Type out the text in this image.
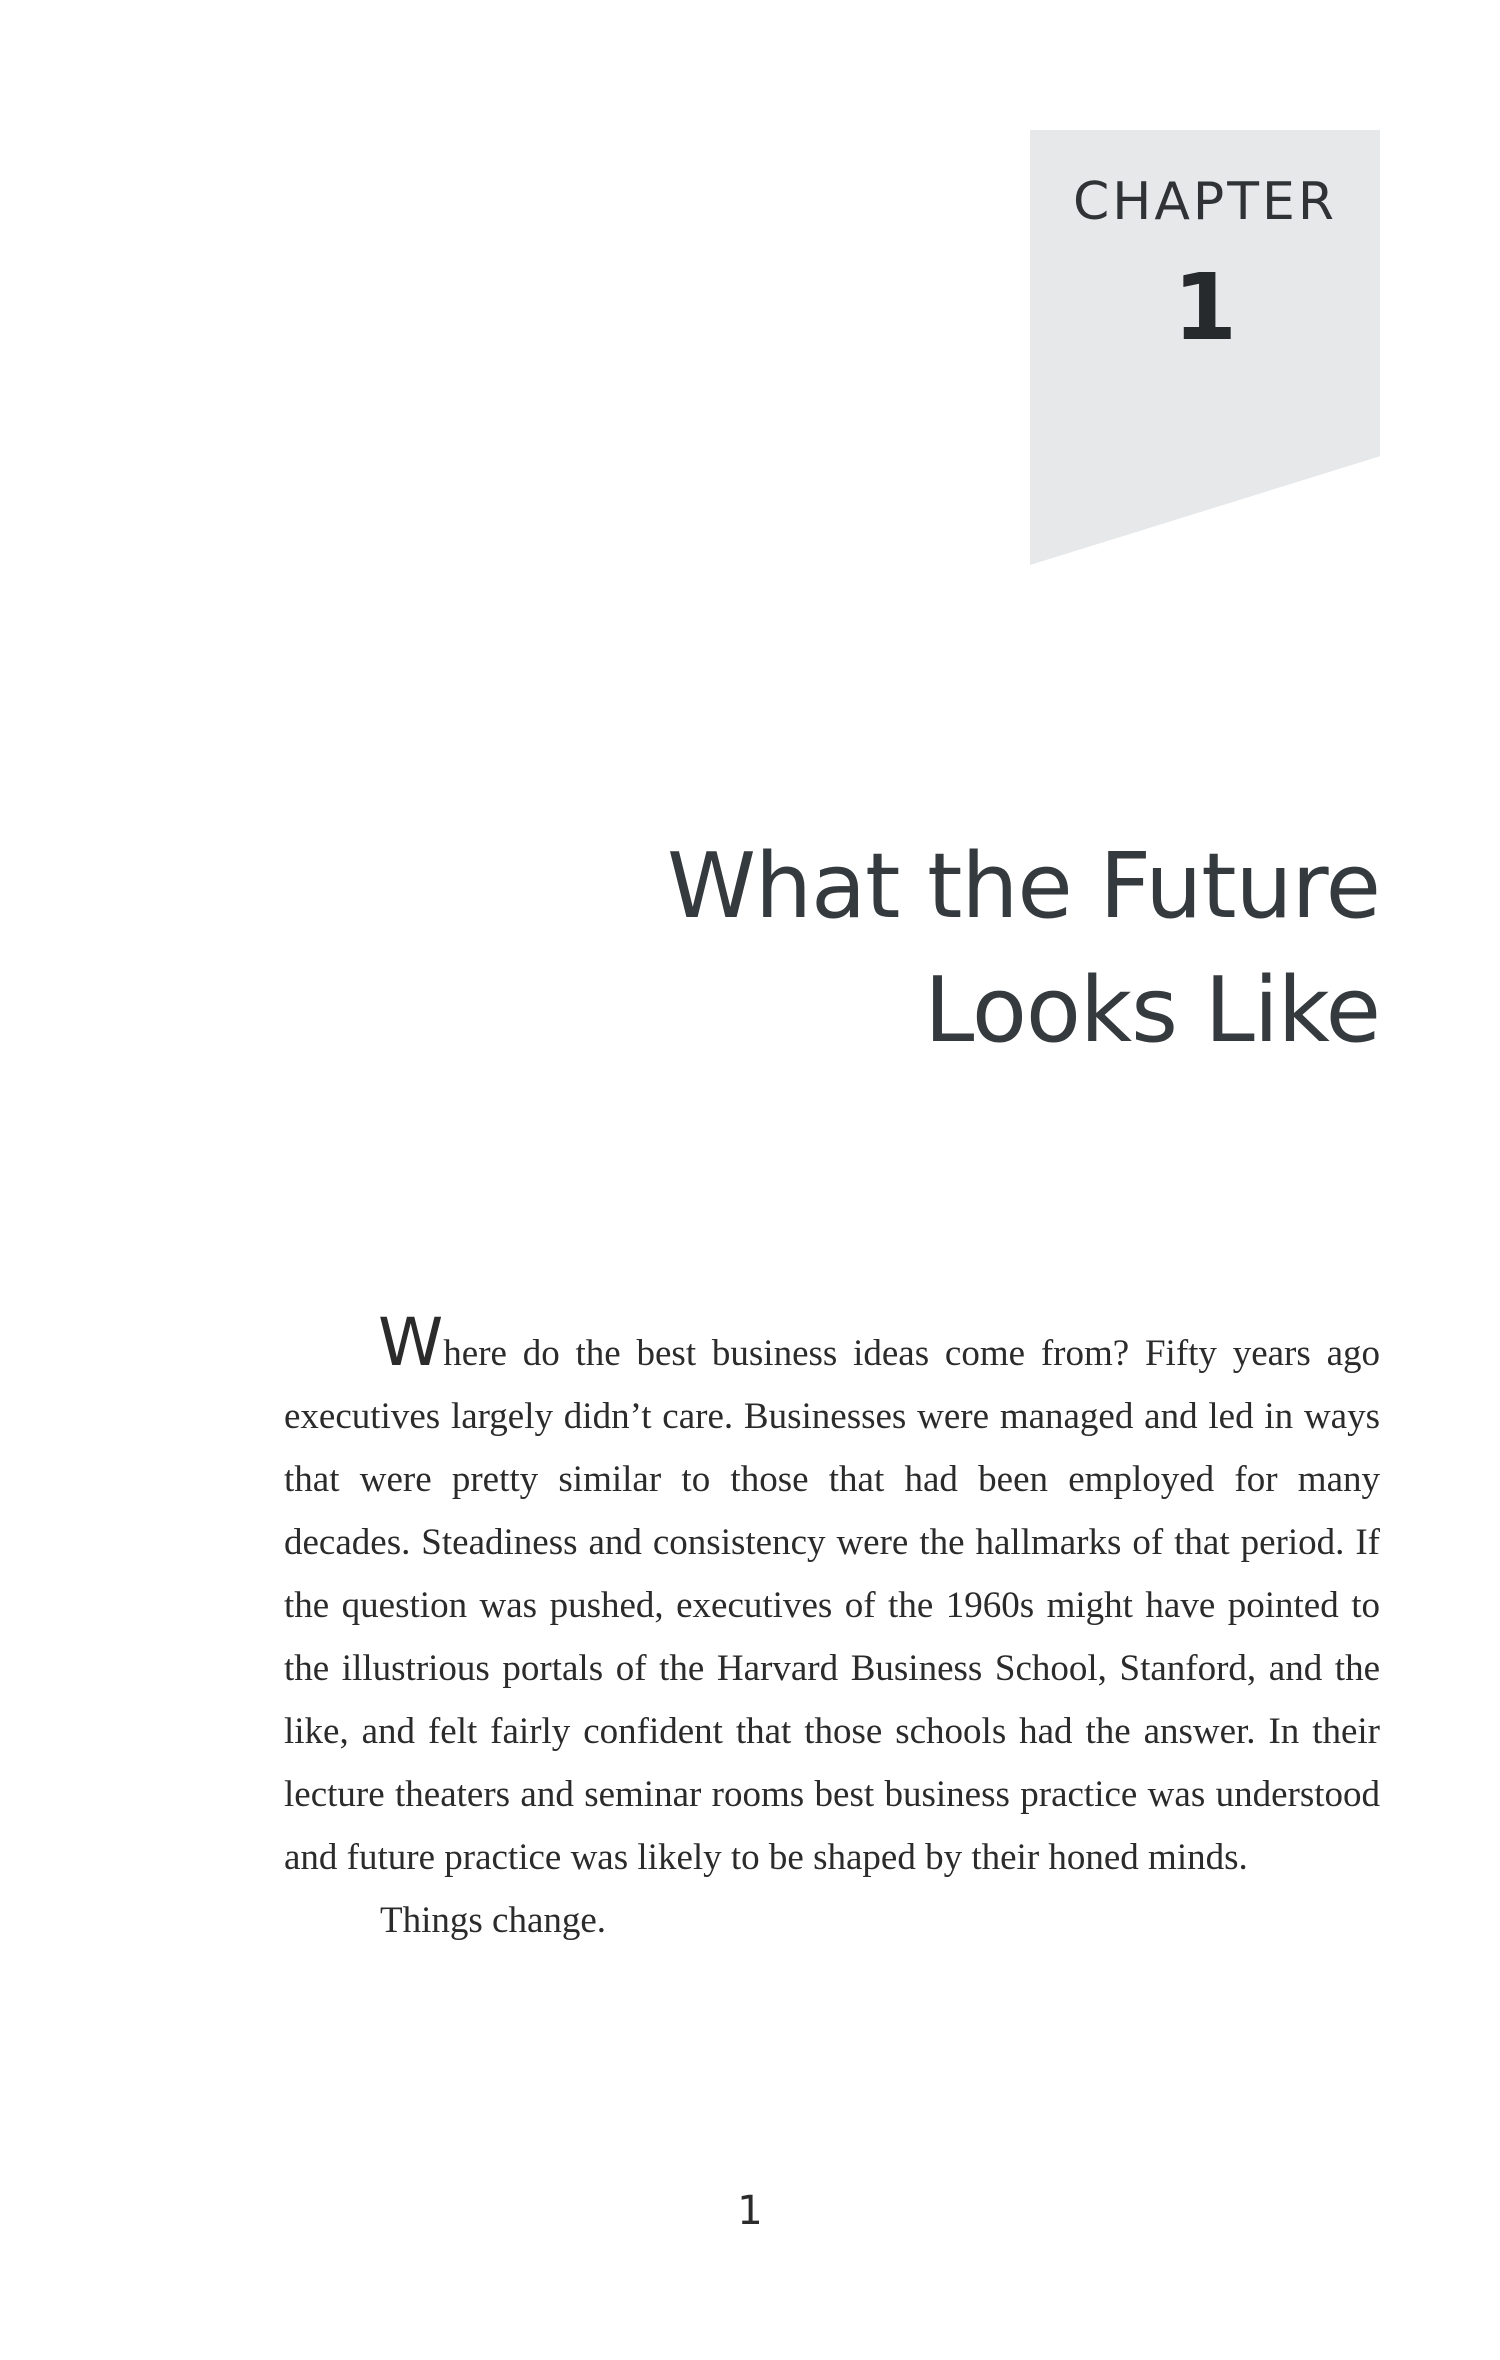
CHAPTER
1
What the Future
Looks Like

Where do the best business ideas come from? Fifty years ago executives largely didn’t care. Businesses were managed and led in ways that were pretty similar to those that had been employed for many decades. Steadiness and consistency were the hallmarks of that period. If the question was pushed, executives of the 1960s might have pointed to the illustrious portals of the Harvard Business School, Stanford, and the like, and felt fairly confident that those schools had the answer. In their lecture theaters and seminar rooms best business practice was understood and future practice was likely to be shaped by their honed minds.

Things change.

1
